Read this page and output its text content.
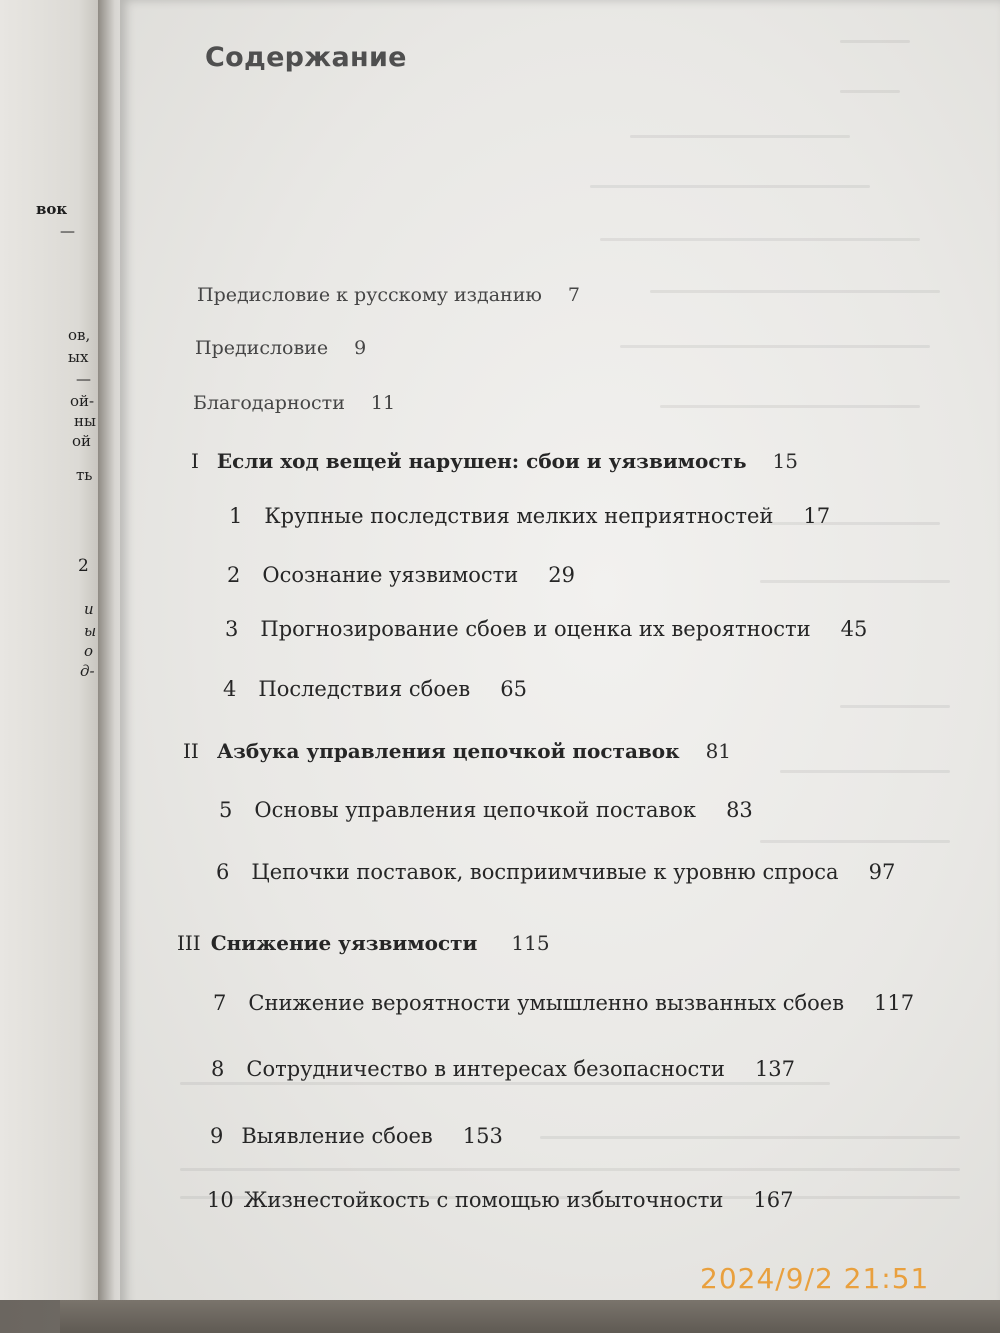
вок
—
ов,
ых
—
ой-
ны
ой
ть
2
и
ы
о
д-
Содержание
Предисловие к русскому изданию 7
Предисловие 9
Благодарности 11
I Если ход вещей нарушен: сбои и уязвимость 15
1 Крупные последствия мелких неприятностей 17
2 Осознание уязвимости 29
3 Прогнозирование сбоев и оценка их вероятности 45
4 Последствия сбоев 65
II Азбука управления цепочкой поставок 81
5 Основы управления цепочкой поставок 83
6 Цепочки поставок, восприимчивые к уровню спроса 97
III Снижение уязвимости 115
7 Снижение вероятности умышленно вызванных сбоев 117
8 Сотрудничество в интересах безопасности 137
9 Выявление сбоев 153
10 Жизнестойкость с помощью избыточности 167
2024/9/2 21:51
